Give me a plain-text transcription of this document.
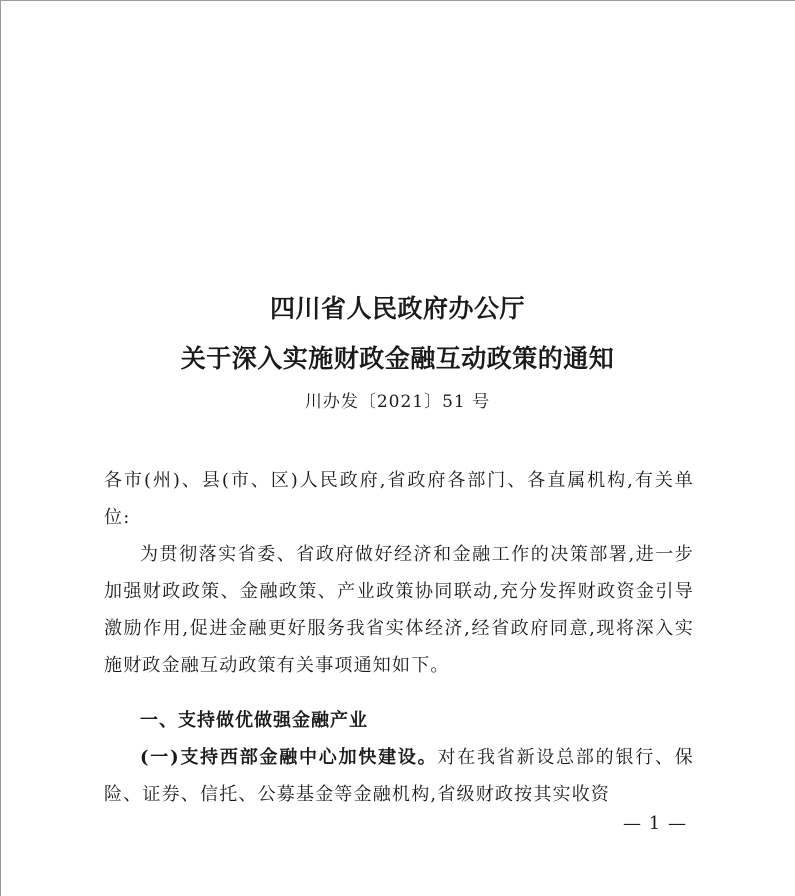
四川省人民政府办公厅
关于深入实施财政金融互动政策的通知
川办发〔2021〕51 号
各市(州)、县(市、区)人民政府,省政府各部门、各直属机构,有关单位:
为贯彻落实省委、省政府做好经济和金融工作的决策部署,进一步加强财政政策、金融政策、产业政策协同联动,充分发挥财政资金引导激励作用,促进金融更好服务我省实体经济,经省政府同意,现将深入实施财政金融互动政策有关事项通知如下。
一、支持做优做强金融产业
(一)支持西部金融中心加快建设。对在我省新设总部的银行、保险、证券、信托、公募基金等金融机构,省级财政按其实收资
— 1 —
